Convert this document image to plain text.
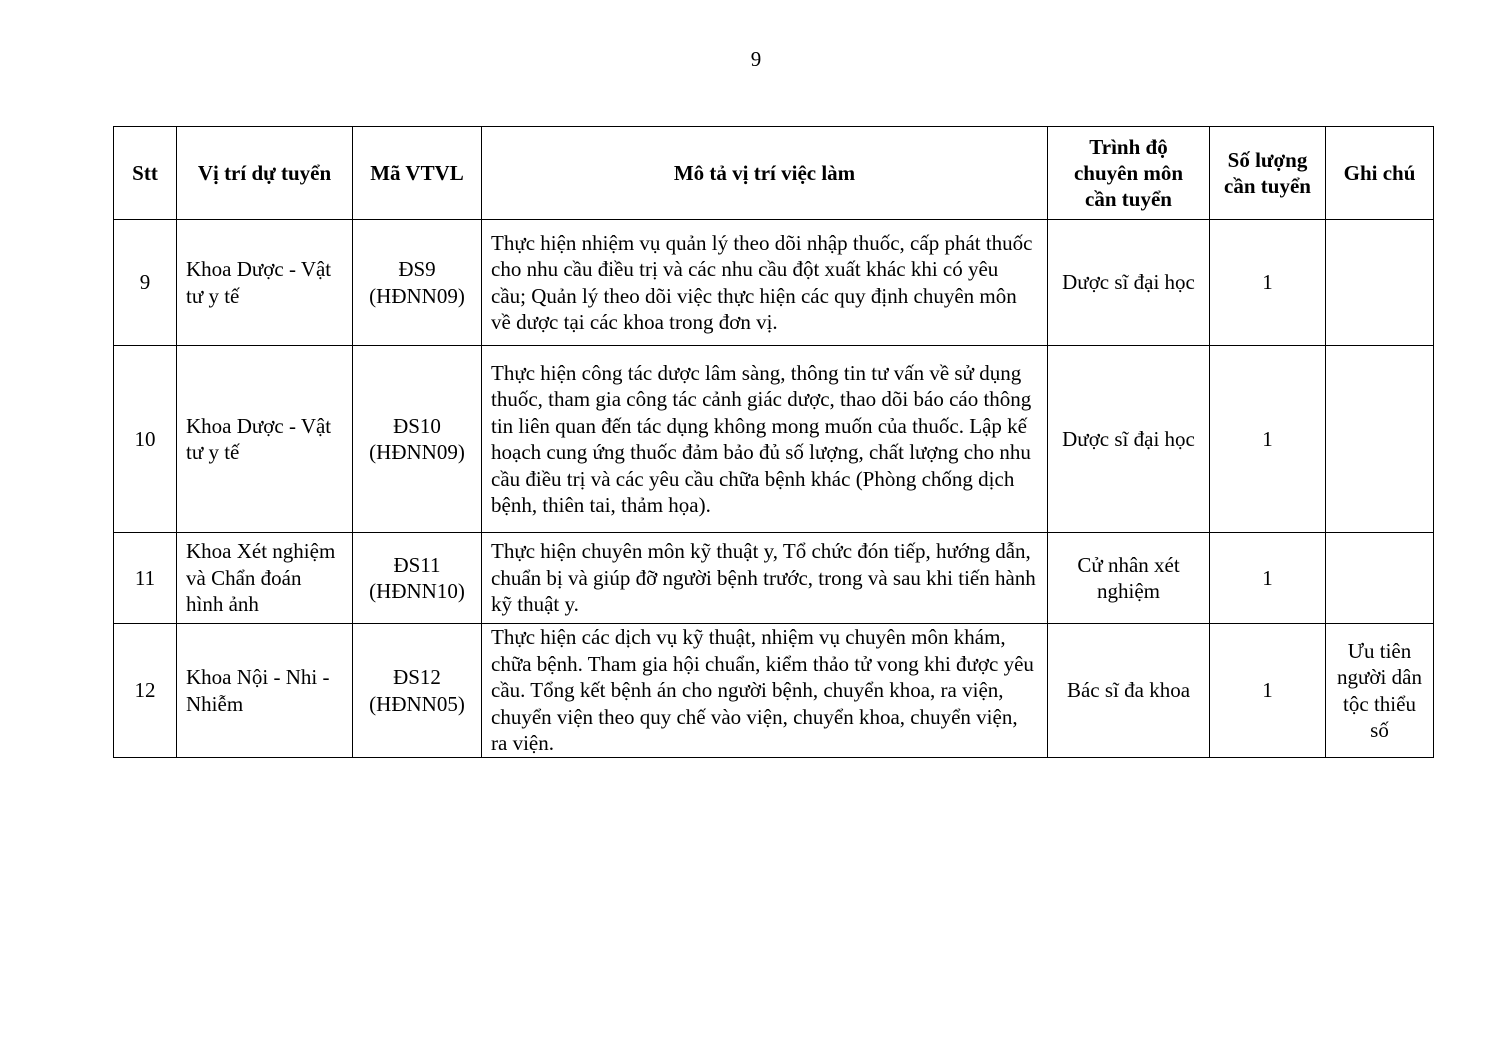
9
Stt	Vị trí dự tuyển	Mã VTVL	Mô tả vị trí việc làm	Trình độ chuyên môn cần tuyển	Số lượng cần tuyển	Ghi chú
9	Khoa Dược - Vật tư y tế	ĐS9 (HĐNN09)	Thực hiện nhiệm vụ quản lý theo dõi nhập thuốc, cấp phát thuốc cho nhu cầu điều trị và các nhu cầu đột xuất khác khi có yêu cầu; Quản lý theo dõi việc thực hiện các quy định chuyên môn về dược tại các khoa trong đơn vị.	Dược sĩ đại học	1	
10	Khoa Dược - Vật tư y tế	ĐS10 (HĐNN09)	Thực hiện công tác dược lâm sàng, thông tin tư vấn về sử dụng thuốc, tham gia công tác cảnh giác dược, thao dõi báo cáo thông tin liên quan đến tác dụng không mong muốn của thuốc. Lập kế hoạch cung ứng thuốc đảm bảo đủ số lượng, chất lượng cho nhu cầu điều trị và các yêu cầu chữa bệnh khác (Phòng chống dịch bệnh, thiên tai, thảm họa).	Dược sĩ đại học	1	
11	Khoa Xét nghiệm và Chẩn đoán hình ảnh	ĐS11 (HĐNN10)	Thực hiện chuyên môn kỹ thuật y, Tổ chức đón tiếp, hướng dẫn, chuẩn bị và giúp đỡ người bệnh trước, trong và sau khi tiến hành kỹ thuật y.	Cử nhân xét nghiệm	1	
12	Khoa Nội - Nhi - Nhiễm	ĐS12 (HĐNN05)	Thực hiện các dịch vụ kỹ thuật, nhiệm vụ chuyên môn khám, chữa bệnh. Tham gia hội chuẩn, kiểm thảo tử vong khi được yêu cầu. Tổng kết bệnh án cho người bệnh, chuyển khoa, ra viện, chuyển viện theo quy chế vào viện, chuyển khoa, chuyển viện, ra viện.	Bác sĩ đa khoa	1	Ưu tiên người dân tộc thiểu số
